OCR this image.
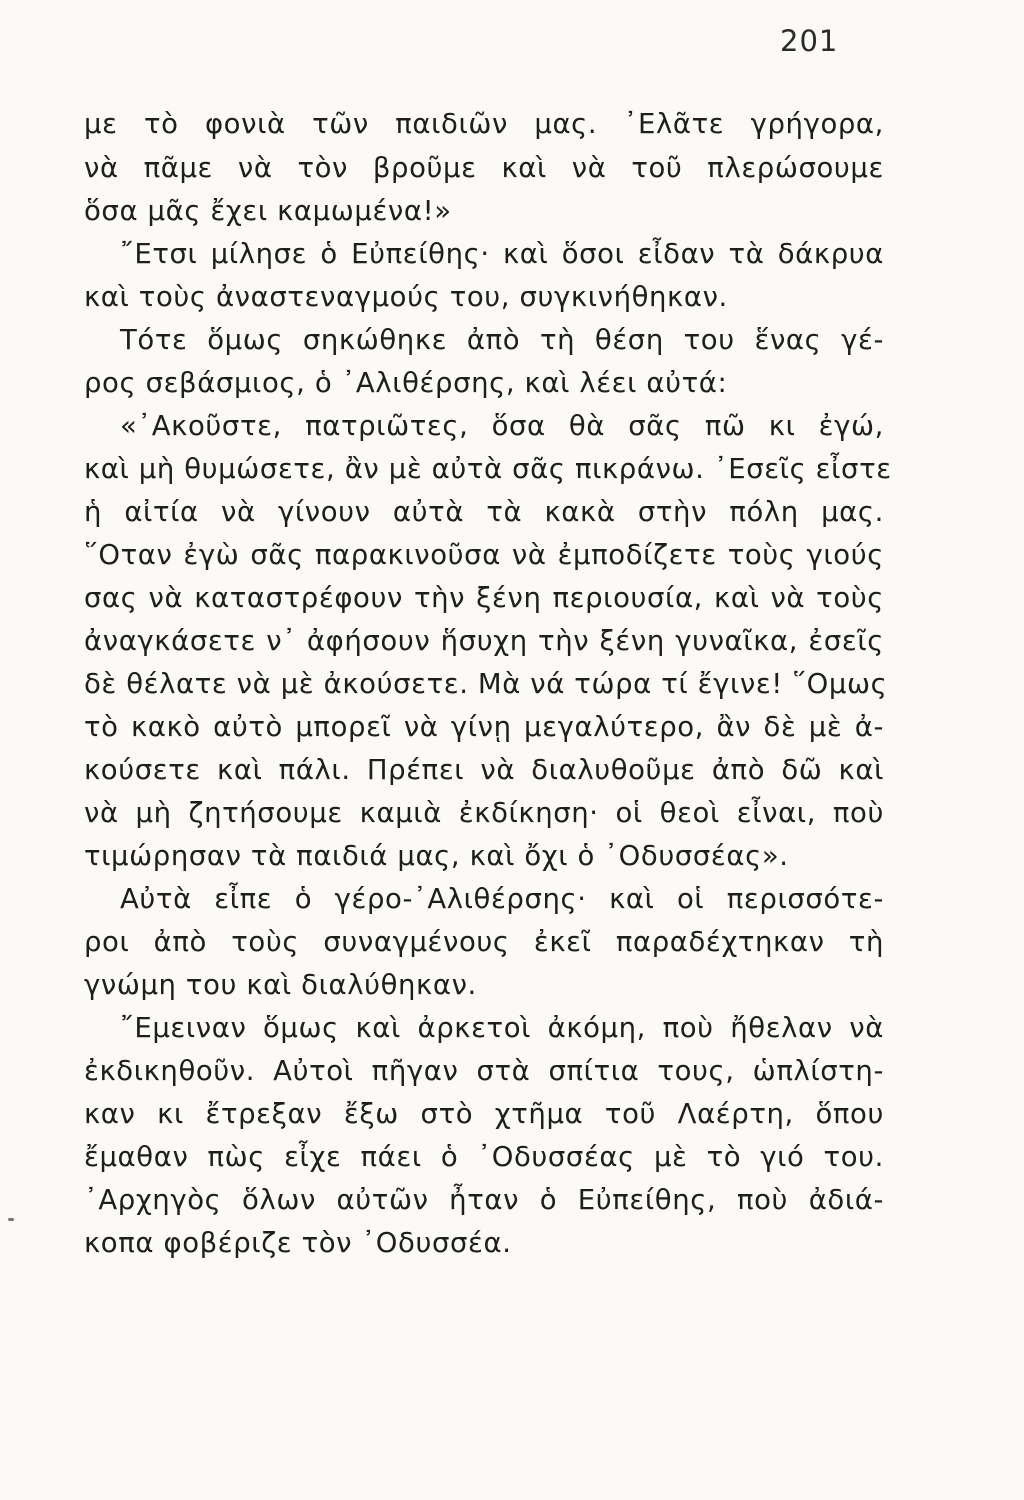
201
με τὸ φονιὰ τῶν παιδιῶν μας. ᾿Ελᾶτε γρήγορα,
νὰ πᾶμε νὰ τὸν βροῦμε καὶ νὰ τοῦ πλερώσουμε
ὅσα μᾶς ἔχει καμωμένα!»
῎Ετσι μίλησε ὁ Εὐπείθης· καὶ ὅσοι εἶδαν τὰ δάκρυα
καὶ τοὺς ἀναστεναγμούς του, συγκινήθηκαν.
Τότε ὅμως σηκώθηκε ἀπὸ τὴ θέση του ἕνας γέ-
ρος σεβάσμιος, ὁ ᾿Αλιθέρσης, καὶ λέει αὐτά:
«᾿Ακοῦστε, πατριῶτες, ὅσα θὰ σᾶς πῶ κι ἐγώ,
καὶ μὴ θυμώσετε, ἂν μὲ αὐτὰ σᾶς πικράνω. ᾿Εσεῖς εἶστε
ἡ αἰτία νὰ γίνουν αὐτὰ τὰ κακὰ στὴν πόλη μας.
῞Οταν ἐγὼ σᾶς παρακινοῦσα νὰ ἐμποδίζετε τοὺς γιούς
σας νὰ καταστρέφουν τὴν ξένη περιουσία, καὶ νὰ τοὺς
ἀναγκάσετε ν᾿ ἀφήσουν ἥσυχη τὴν ξένη γυναῖκα, ἐσεῖς
δὲ θέλατε νὰ μὲ ἀκούσετε. Μὰ νά τώρα τί ἔγινε! ῞Ομως
τὸ κακὸ αὐτὸ μπορεῖ νὰ γίνῃ μεγαλύτερο, ἂν δὲ μὲ ἀ-
κούσετε καὶ πάλι. Πρέπει νὰ διαλυθοῦμε ἀπὸ δῶ καὶ
νὰ μὴ ζητήσουμε καμιὰ ἐκδίκηση· οἱ θεοὶ εἶναι, ποὺ
τιμώρησαν τὰ παιδιά μας, καὶ ὄχι ὁ ᾿Οδυσσέας».
Αὐτὰ εἶπε ὁ γέρο-᾿Αλιθέρσης· καὶ οἱ περισσότε-
ροι ἀπὸ τοὺς συναγμένους ἐκεῖ παραδέχτηκαν τὴ
γνώμη του καὶ διαλύθηκαν.
῎Εμειναν ὅμως καὶ ἀρκετοὶ ἀκόμη, ποὺ ἤθελαν νὰ
ἐκδικηθοῦν. Αὐτοὶ πῆγαν στὰ σπίτια τους, ὡπλίστη-
καν κι ἔτρεξαν ἔξω στὸ χτῆμα τοῦ Λαέρτη, ὅπου
ἔμαθαν πὼς εἶχε πάει ὁ ᾿Οδυσσέας μὲ τὸ γιό του.
᾿Αρχηγὸς ὅλων αὐτῶν ἦταν ὁ Εὐπείθης, ποὺ ἀδιά-
κοπα φοβέριζε τὸν ᾿Οδυσσέα.
